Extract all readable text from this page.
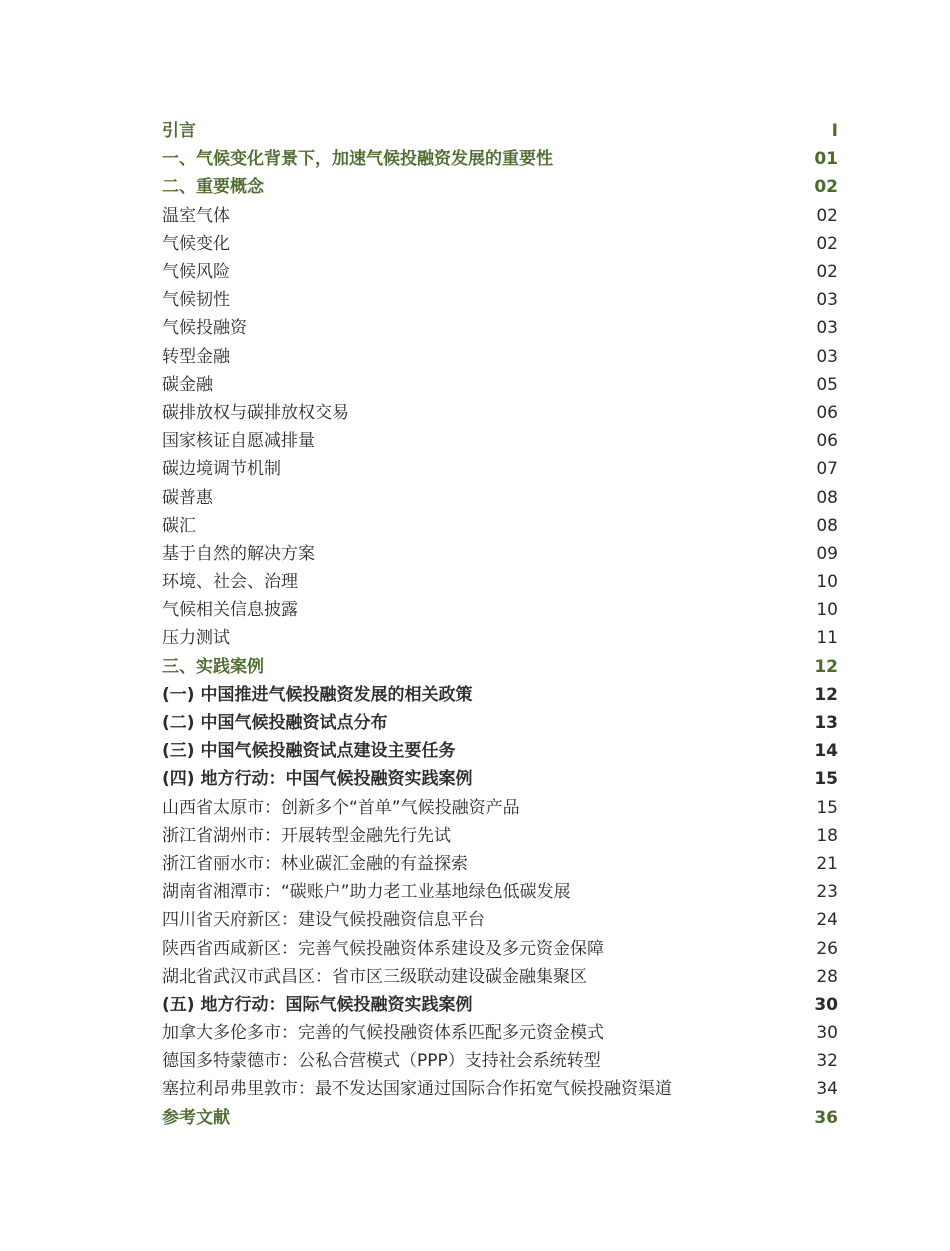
引言	I
一、气候变化背景下，加速气候投融资发展的重要性	01
二、重要概念	02
温室气体	02
气候变化	02
气候风险	02
气候韧性	03
气候投融资	03
转型金融	03
碳金融	05
碳排放权与碳排放权交易	06
国家核证自愿减排量	06
碳边境调节机制	07
碳普惠	08
碳汇	08
基于自然的解决方案	09
环境、社会、治理	10
气候相关信息披露	10
压力测试	11
三、实践案例	12
(一) 中国推进气候投融资发展的相关政策	12
(二) 中国气候投融资试点分布	13
(三) 中国气候投融资试点建设主要任务	14
(四) 地方行动：中国气候投融资实践案例	15
山西省太原市：创新多个“首单”气候投融资产品	15
浙江省湖州市：开展转型金融先行先试	18
浙江省丽水市：林业碳汇金融的有益探索	21
湖南省湘潭市：“碳账户”助力老工业基地绿色低碳发展	23
四川省天府新区：建设气候投融资信息平台	24
陕西省西咸新区：完善气候投融资体系建设及多元资金保障	26
湖北省武汉市武昌区：省市区三级联动建设碳金融集聚区	28
(五) 地方行动：国际气候投融资实践案例	30
加拿大多伦多市：完善的气候投融资体系匹配多元资金模式	30
德国多特蒙德市：公私合营模式（PPP）支持社会系统转型	32
塞拉利昂弗里敦市：最不发达国家通过国际合作拓宽气候投融资渠道	34
参考文献	36
